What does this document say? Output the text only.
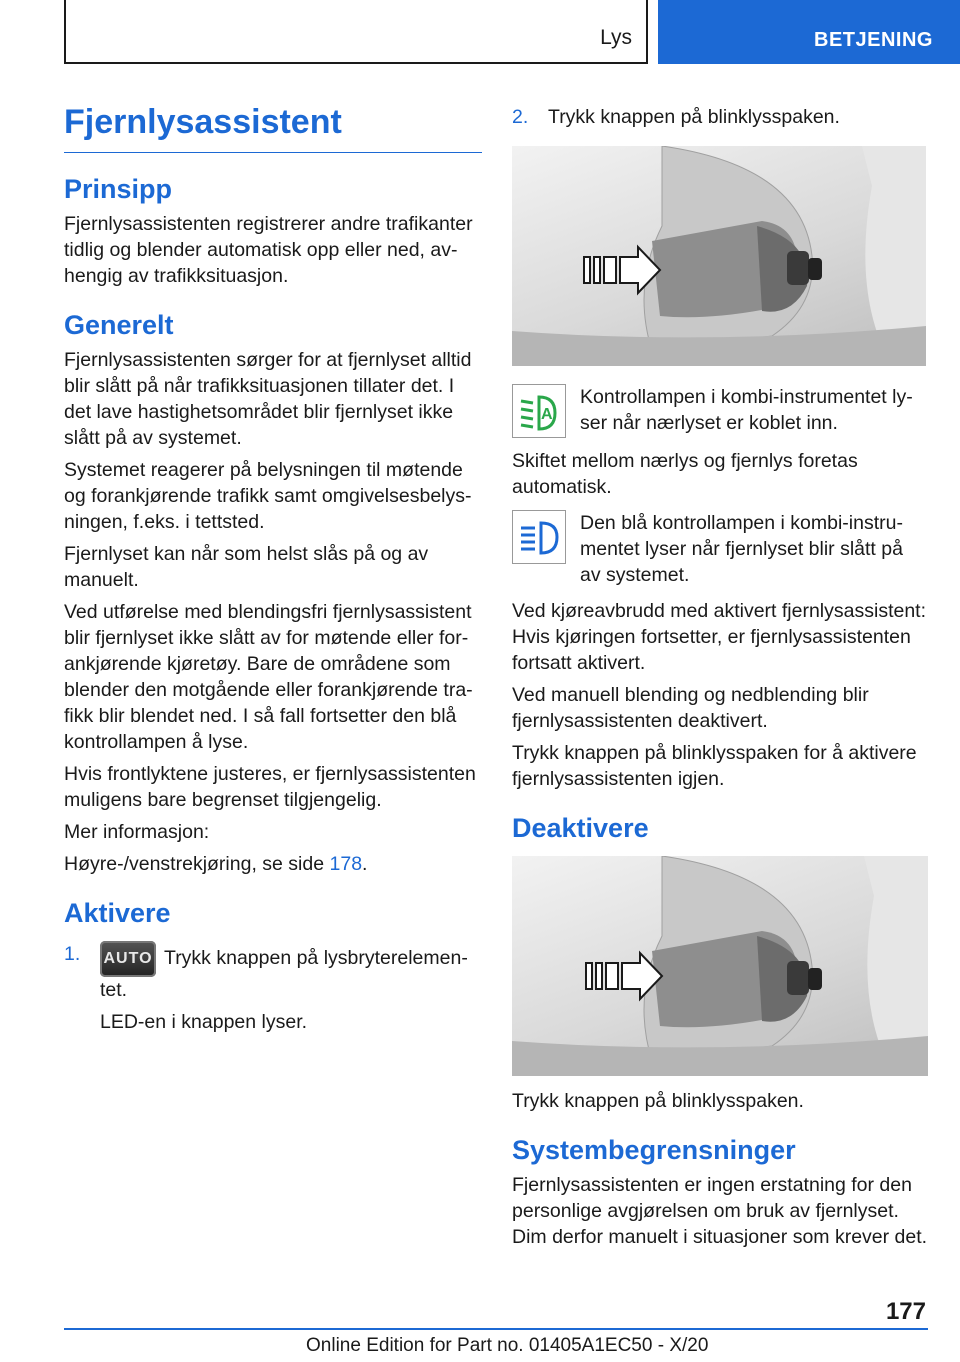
Lys	BETJENING
Fjernlysassistent
Prinsipp

Fjernlysassistenten registrerer andre trafikanter tidlig og blender automatisk opp eller ned, avhengig av trafikksituasjon.

Generelt

Fjernlysassistenten sørger for at fjernlyset alltid blir slått på når trafikksituasjonen tillater det. I det lave hastighetsområdet blir fjernlyset ikke slått på av systemet.

Systemet reagerer på belysningen til møtende og forankjørende trafikk samt omgivelsesbelysningen, f.eks. i tettsted.

Fjernlyset kan når som helst slås på og av manuelt.

Ved utførelse med blendingsfri fjernlysassistent blir fjernlyset ikke slått av for møtende eller forankjørende kjøretøy. Bare de områdene som blender den motgående eller forankjørende trafikk blir blendet ned. I så fall fortsetter den blå kontrollampen å lyse.

Hvis frontlyktene justeres, er fjernlysassistenten muligens bare begrenset tilgjengelig.

Mer informasjon:

Høyre-/venstrekjøring, se side 178.

Aktivere
1.	AUTO Trykk knappen på lysbryterelementet.
LED-en i knappen lyser.
2.	Trykk knappen på blinklysspaken.
A
Kontrollampen i kombi-instrumentet lyser når nærlyset er koblet inn.

Skiftet mellom nærlys og fjernlys foretas automatisk.

Den blå kontrollampen i kombi-instrumentet lyser når fjernlyset blir slått på av systemet.

Ved kjøreavbrudd med aktivert fjernlysassistent: Hvis kjøringen fortsetter, er fjernlysassistenten fortsatt aktivert.

Ved manuell blending og nedblending blir fjernlysassistenten deaktivert.

Trykk knappen på blinklysspaken for å aktivere fjernlysassistenten igjen.

Deaktivere

Trykk knappen på blinklysspaken.

Systembegrensninger

Fjernlysassistenten er ingen erstatning for den personlige avgjørelsen om bruk av fjernlyset. Dim derfor manuelt i situasjoner som krever det.

177
Online Edition for Part no. 01405A1EC50 - X/20
